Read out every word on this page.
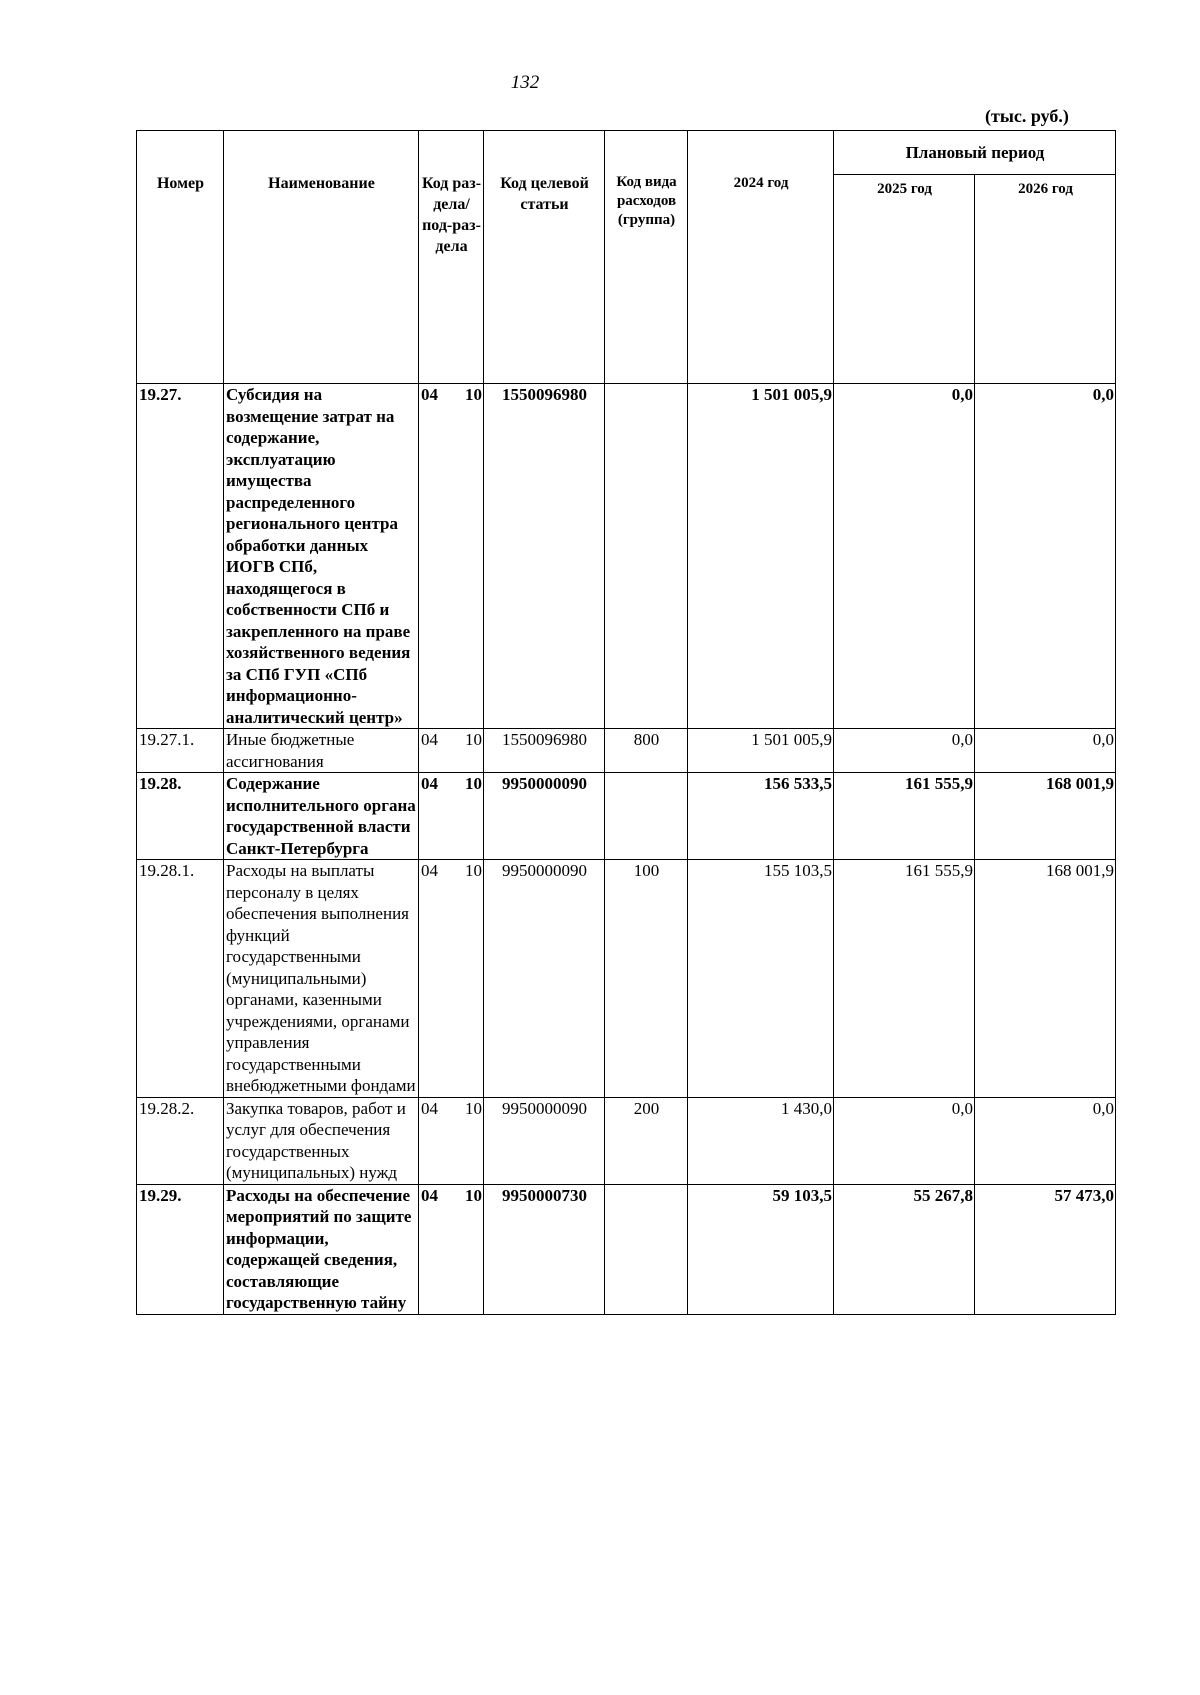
132
(тыс. руб.)
Номер	Наименование	Код раз-дела/ под-раз-дела	Код целевой статьи	Код вида расходов (группа)	2024 год	Плановый период	
						2025 год	2026 год
19.27.	Субсидия на возмещение затрат на содержание, эксплуатацию имущества распределенного регионального центра обработки данных ИОГВ СПб, находящегося в собственности СПб и закрепленного на праве хозяйственного ведения за СПб ГУП «СПб информационно-аналитический центр»	04 10	1550096980		1 501 005,9	0,0	0,0
19.27.1.	Иные бюджетные ассигнования	04 10	1550096980	800	1 501 005,9	0,0	0,0
19.28.	Содержание исполнительного органа государственной власти Санкт-Петербурга	04 10	9950000090		156 533,5	161 555,9	168 001,9
19.28.1.	Расходы на выплаты персоналу в целях обеспечения выполнения функций государственными (муниципальными) органами, казенными учреждениями, органами управления государственными внебюджетными фондами	04 10	9950000090	100	155 103,5	161 555,9	168 001,9
19.28.2.	Закупка товаров, работ и услуг для обеспечения государственных (муниципальных) нужд	04 10	9950000090	200	1 430,0	0,0	0,0
19.29.	Расходы на обеспечение мероприятий по защите информации, содержащей сведения, составляющие государственную тайну	04 10	9950000730		59 103,5	55 267,8	57 473,0
